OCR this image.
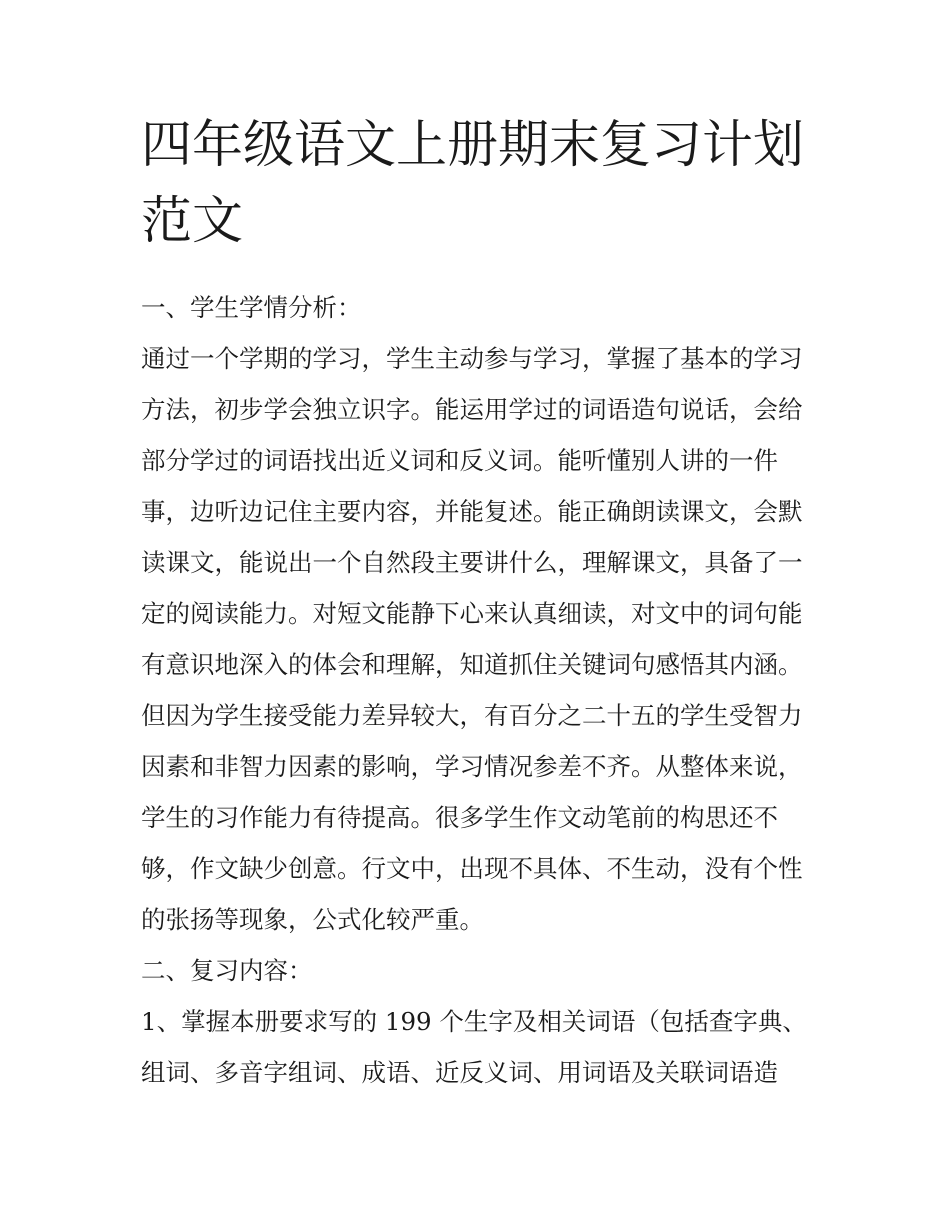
四年级语文上册期末复习计划
范文
一、学生学情分析：
通过一个学期的学习，学生主动参与学习，掌握了基本的学习
方法，初步学会独立识字。能运用学过的词语造句说话，会给
部分学过的词语找出近义词和反义词。能听懂别人讲的一件
事，边听边记住主要内容，并能复述。能正确朗读课文，会默
读课文，能说出一个自然段主要讲什么，理解课文，具备了一
定的阅读能力。对短文能静下心来认真细读，对文中的词句能
有意识地深入的体会和理解，知道抓住关键词句感悟其内涵。
但因为学生接受能力差异较大，有百分之二十五的学生受智力
因素和非智力因素的影响，学习情况参差不齐。从整体来说，
学生的习作能力有待提高。很多学生作文动笔前的构思还不
够，作文缺少创意。行文中，出现不具体、不生动，没有个性
的张扬等现象，公式化较严重。
二、复习内容：
1、掌握本册要求写的 199 个生字及相关词语（包括查字典、
组词、多音字组词、成语、近反义词、用词语及关联词语造
